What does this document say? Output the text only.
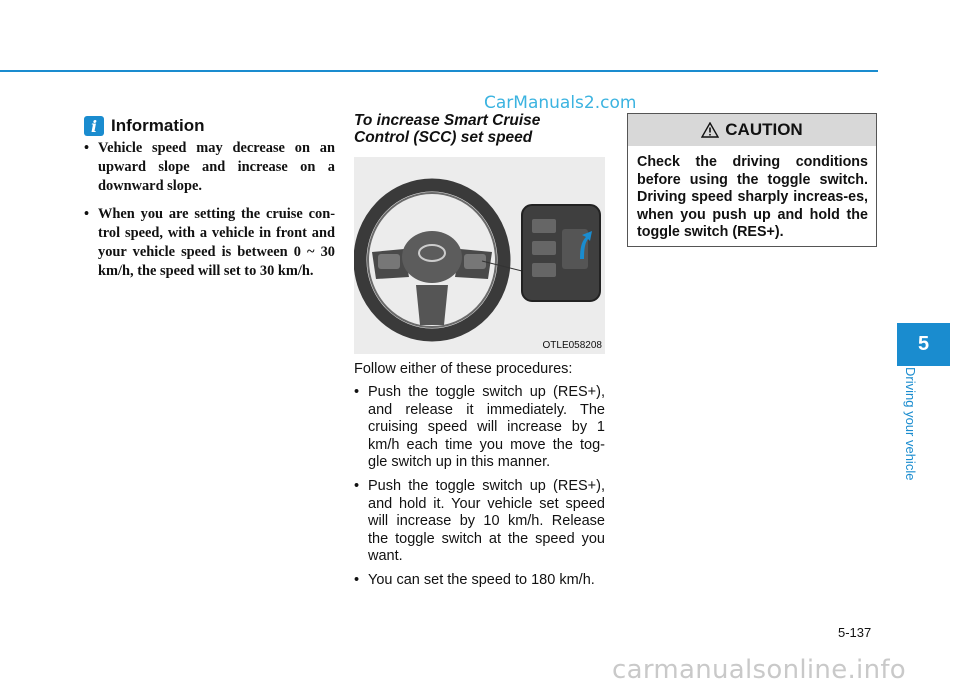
CarManuals2.com
i Information
• Vehicle speed may decrease on an upward slope and increase on a downward slope.
• When you are setting the cruise con-trol speed, with a vehicle in front and your vehicle speed is between 0 ~ 30 km/h, the speed will set to 30 km/h.
To increase Smart Cruise
Control (SCC) set speed
OTLE058208
Follow either of these procedures:
• Push the toggle switch up (RES+), and release it immediately. The cruising speed will increase by 1 km/h each time you move the tog-gle switch up in this manner.
• Push the toggle switch up (RES+), and hold it. Your vehicle set speed will increase by 10 km/h. Release the toggle switch at the speed you want.
• You can set the speed to 180 km/h.
CAUTION
Check the driving conditions before using the toggle switch. Driving speed sharply increas-es, when you push up and hold the toggle switch (RES+).
5
Driving your vehicle
5-137
carmanualsonline.info
